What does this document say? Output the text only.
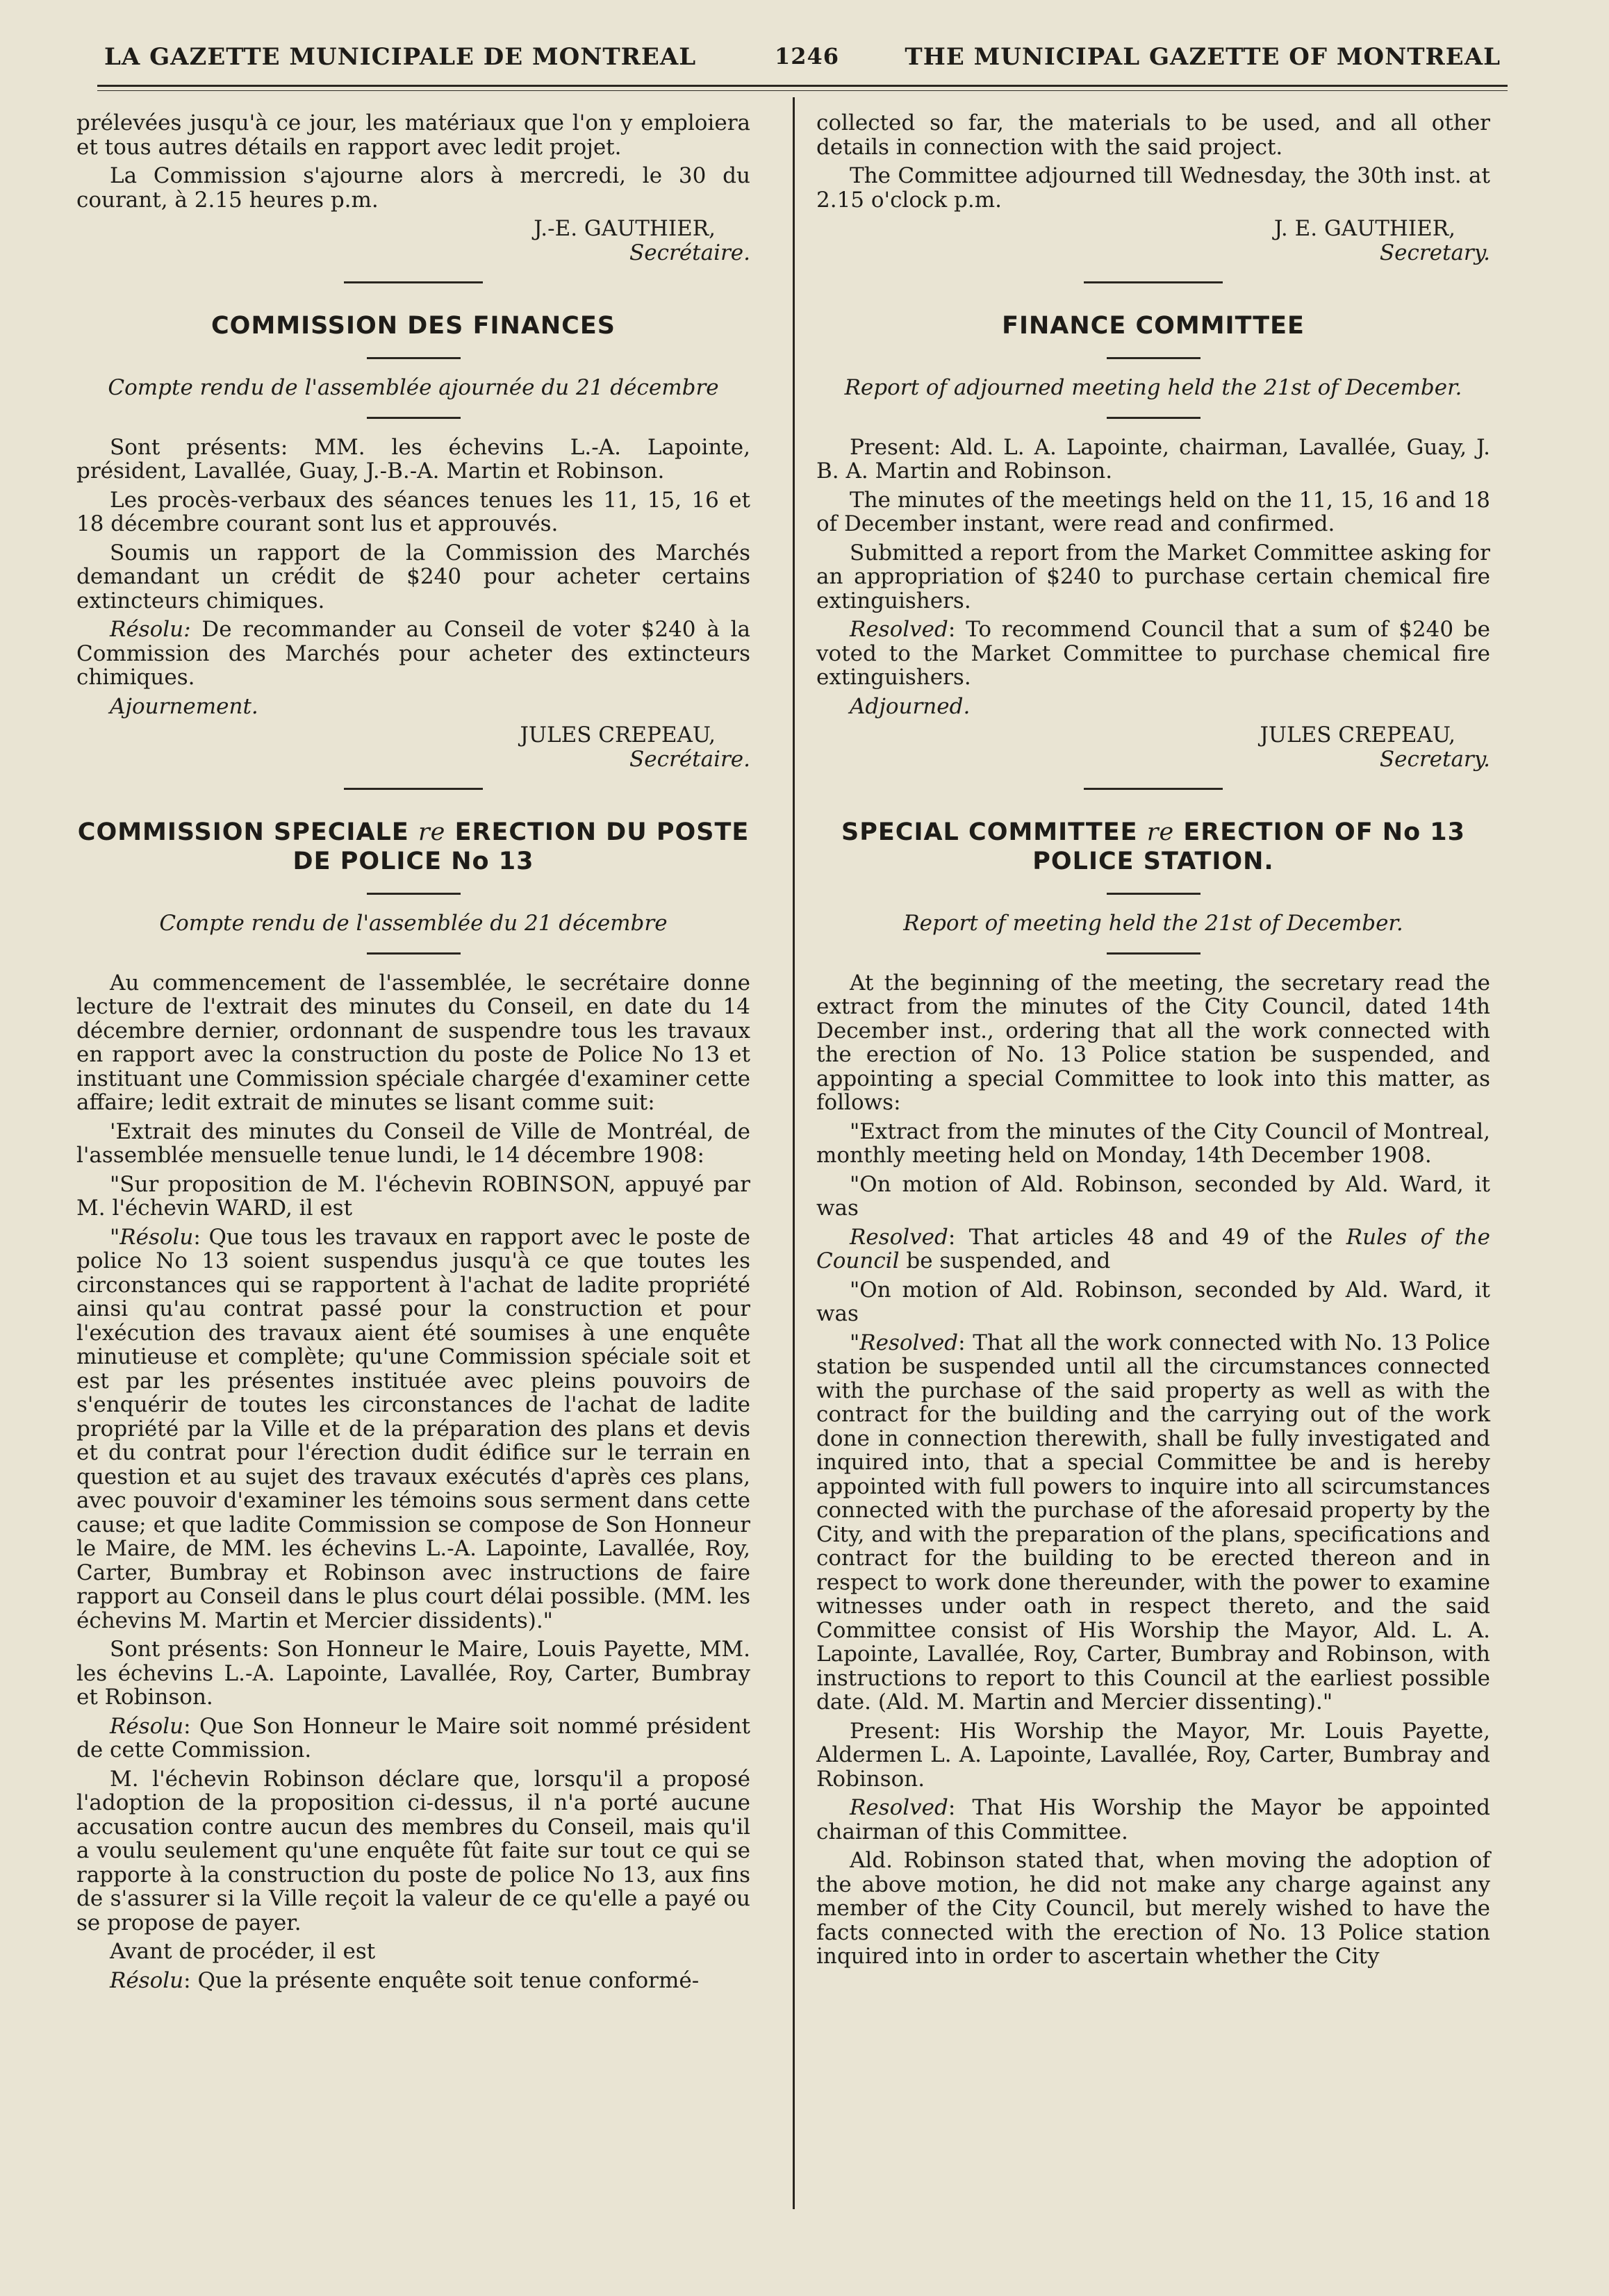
LA GAZETTE MUNICIPALE DE MONTREAL	1246	THE MUNICIPAL GAZETTE OF MONTREAL

prélevées jusqu'à ce jour, les matériaux que l'on y emploiera et tous autres détails en rapport avec ledit projet.

La Commission s'ajourne alors à mercredi, le 30 du courant, à 2.15 heures p.m.

J.-E. GAUTHIER,

Secrétaire.

COMMISSION DES FINANCES

Compte rendu de l'assemblée ajournée du 21 décembre

Sont présents: MM. les échevins L.-A. Lapointe, président, Lavallée, Guay, J.-B.-A. Martin et Robinson.

Les procès-verbaux des séances tenues les 11, 15, 16 et 18 décembre courant sont lus et approuvés.

Soumis un rapport de la Commission des Marchés demandant un crédit de $240 pour acheter certains extincteurs chimiques.

Résolu: De recommander au Conseil de voter $240 à la Commission des Marchés pour acheter des extincteurs chimiques.

Ajournement.

JULES CREPEAU,

Secrétaire.

COMMISSION SPECIALE re ERECTION DU POSTE DE POLICE No 13

Compte rendu de l'assemblée du 21 décembre

Au commencement de l'assemblée, le secrétaire donne lecture de l'extrait des minutes du Conseil, en date du 14 décembre dernier, ordonnant de suspendre tous les travaux en rapport avec la construction du poste de Police No 13 et instituant une Commission spéciale chargée d'examiner cette affaire; ledit extrait de minutes se lisant comme suit:

'Extrait des minutes du Conseil de Ville de Montréal, de l'assemblée mensuelle tenue lundi, le 14 décembre 1908:

"Sur proposition de M. l'échevin ROBINSON, appuyé par M. l'échevin WARD, il est

"Résolu: Que tous les travaux en rapport avec le poste de police No 13 soient suspendus jusqu'à ce que toutes les circonstances qui se rapportent à l'achat de ladite propriété ainsi qu'au contrat passé pour la construction et pour l'exécution des travaux aient été soumises à une enquête minutieuse et complète; qu'une Commission spéciale soit et est par les présentes instituée avec pleins pouvoirs de s'enquérir de toutes les circonstances de l'achat de ladite propriété par la Ville et de la préparation des plans et devis et du contrat pour l'érection dudit édifice sur le terrain en question et au sujet des travaux exécutés d'après ces plans, avec pouvoir d'examiner les témoins sous serment dans cette cause; et que ladite Commission se compose de Son Honneur le Maire, de MM. les échevins L.-A. Lapointe, Lavallée, Roy, Carter, Bumbray et Robinson avec instructions de faire rapport au Conseil dans le plus court délai possible. (MM. les échevins M. Martin et Mercier dissidents)."

Sont présents: Son Honneur le Maire, Louis Payette, MM. les échevins L.-A. Lapointe, Lavallée, Roy, Carter, Bumbray et Robinson.

Résolu: Que Son Honneur le Maire soit nommé président de cette Commission.

M. l'échevin Robinson déclare que, lorsqu'il a proposé l'adoption de la proposition ci-dessus, il n'a porté aucune accusation contre aucun des membres du Conseil, mais qu'il a voulu seulement qu'une enquête fût faite sur tout ce qui se rapporte à la construction du poste de police No 13, aux fins de s'assurer si la Ville reçoit la valeur de ce qu'elle a payé ou se propose de payer.

Avant de procéder, il est

Résolu: Que la présente enquête soit tenue conformé-

collected so far, the materials to be used, and all other details in connection with the said project.

The Committee adjourned till Wednesday, the 30th inst. at 2.15 o'clock p.m.

J. E. GAUTHIER,

Secretary.

FINANCE COMMITTEE

Report of adjourned meeting held the 21st of December.

Present: Ald. L. A. Lapointe, chairman, Lavallée, Guay, J. B. A. Martin and Robinson.

The minutes of the meetings held on the 11, 15, 16 and 18 of December instant, were read and confirmed.

Submitted a report from the Market Committee asking for an appropriation of $240 to purchase certain chemical fire extinguishers.

Resolved: To recommend Council that a sum of $240 be voted to the Market Committee to purchase chemical fire extinguishers.

Adjourned.

JULES CREPEAU,

Secretary.

SPECIAL COMMITTEE re ERECTION OF No 13 POLICE STATION.

Report of meeting held the 21st of December.

At the beginning of the meeting, the secretary read the extract from the minutes of the City Council, dated 14th December inst., ordering that all the work connected with the erection of No. 13 Police station be suspended, and appointing a special Committee to look into this matter, as follows:

"Extract from the minutes of the City Council of Montreal, monthly meeting held on Monday, 14th December 1908.

"On motion of Ald. Robinson, seconded by Ald. Ward, it was

Resolved: That articles 48 and 49 of the Rules of the Council be suspended, and

"On motion of Ald. Robinson, seconded by Ald. Ward, it was

"Resolved: That all the work connected with No. 13 Police station be suspended until all the circumstances connected with the purchase of the said property as well as with the contract for the building and the carrying out of the work done in connection therewith, shall be fully investigated and inquired into, that a special Committee be and is hereby appointed with full powers to inquire into all scircumstances connected with the purchase of the aforesaid property by the City, and with the preparation of the plans, specifications and contract for the building to be erected thereon and in respect to work done thereunder, with the power to examine witnesses under oath in respect thereto, and the said Committee consist of His Worship the Mayor, Ald. L. A. Lapointe, Lavallée, Roy, Carter, Bumbray and Robinson, with instructions to report to this Council at the earliest possible date. (Ald. M. Martin and Mercier dissenting)."

Present: His Worship the Mayor, Mr. Louis Payette, Aldermen L. A. Lapointe, Lavallée, Roy, Carter, Bumbray and Robinson.

Resolved: That His Worship the Mayor be appointed chairman of this Committee.

Ald. Robinson stated that, when moving the adoption of the above motion, he did not make any charge against any member of the City Council, but merely wished to have the facts connected with the erection of No. 13 Police station inquired into in order to ascertain whether the City
